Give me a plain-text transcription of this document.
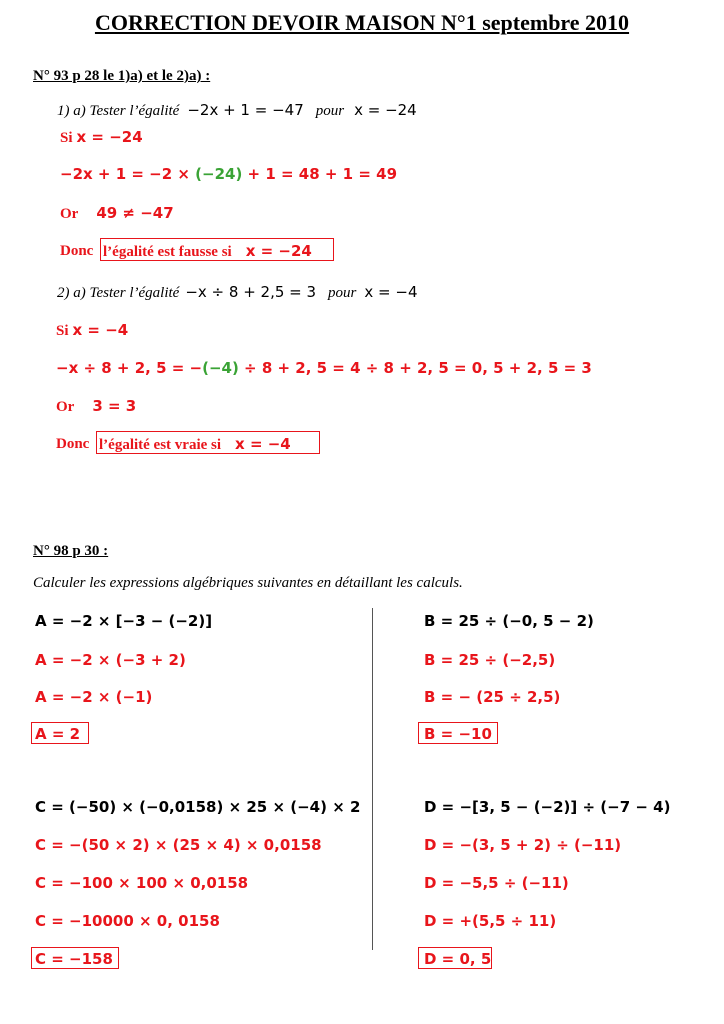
CORRECTION DEVOIR MAISON N°1 septembre 2010
N° 93 p 28 le 1)a) et le 2)a) :
1) a) Tester l’égalité −2x + 1 = −47 pour x = −24
Si x = −24
−2x + 1 = −2 × (−24) + 1 = 48 + 1 = 49
Or 49 ≠ −47
Donc l’égalité est fausse si x = −24
2) a) Tester l’égalité −x ÷ 8 + 2,5 = 3 pour x = −4
Si x = −4
−x ÷ 8 + 2, 5 = −(−4) ÷ 8 + 2, 5 = 4 ÷ 8 + 2, 5 = 0, 5 + 2, 5 = 3
Or 3 = 3
Donc l’égalité est vraie si x = −4
N° 98 p 30 :
Calculer les expressions algébriques suivantes en détaillant les calculs.
A = −2 × [−3 − (−2)]
A = −2 × (−3 + 2)
A = −2 × (−1)
A = 2
B = 25 ÷ (−0, 5 − 2)
B = 25 ÷ (−2,5)
B = − (25 ÷ 2,5)
B = −10
C = (−50) × (−0,0158) × 25 × (−4) × 2
C = −(50 × 2) × (25 × 4) × 0,0158
C = −100 × 100 × 0,0158
C = −10000 × 0, 0158
C = −158
D = −[3, 5 − (−2)] ÷ (−7 − 4)
D = −(3, 5 + 2) ÷ (−11)
D = −5,5 ÷ (−11)
D = +(5,5 ÷ 11)
D = 0, 5
